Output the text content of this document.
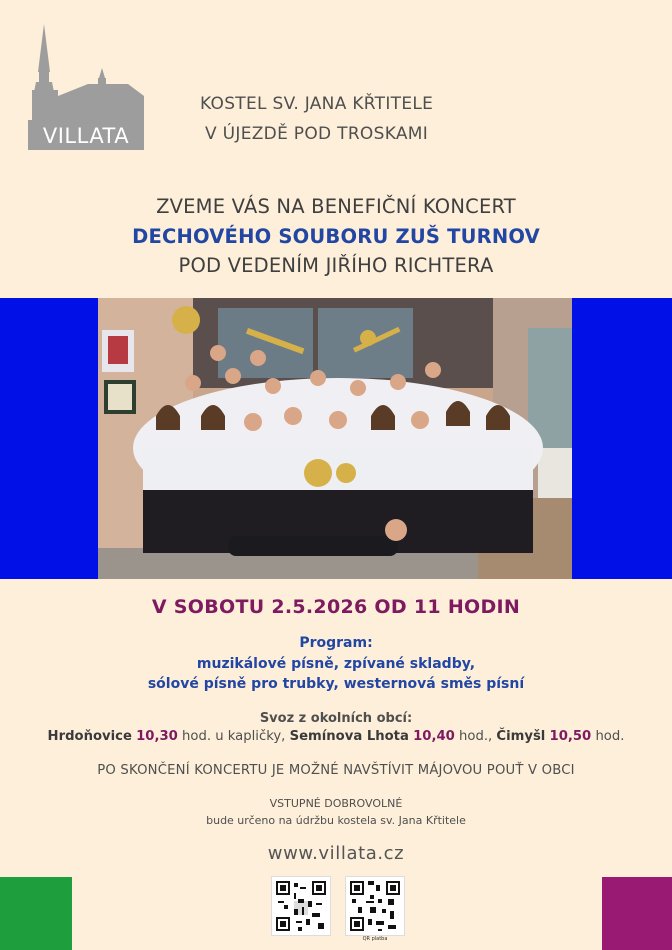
VILLATA
KOSTEL SV. JANA KŘTITELE
V ÚJEZDĚ POD TROSKAMI
ZVEME VÁS NA BENEFIČNÍ KONCERT
DECHOVÉHO SOUBORU ZUŠ TURNOV
POD VEDENÍM JIŘÍHO RICHTERA
V SOBOTU 2.5.2026 OD 11 HODIN
Program:
muzikálové písně, zpívané skladby,
sólové písně pro trubky, westernová směs písní
Svoz z okolních obcí:
Hrdoňovice 10,30 hod. u kapličky, Semínova Lhota 10,40 hod., Čimyšl 10,50 hod.
PO SKONČENÍ KONCERTU JE MOŽNÉ NAVŠTÍVIT MÁJOVOU POUŤ V OBCI
VSTUPNÉ DOBROVOLNÉ
bude určeno na údržbu kostela sv. Jana Křtitele
www.villata.cz
QR platba
